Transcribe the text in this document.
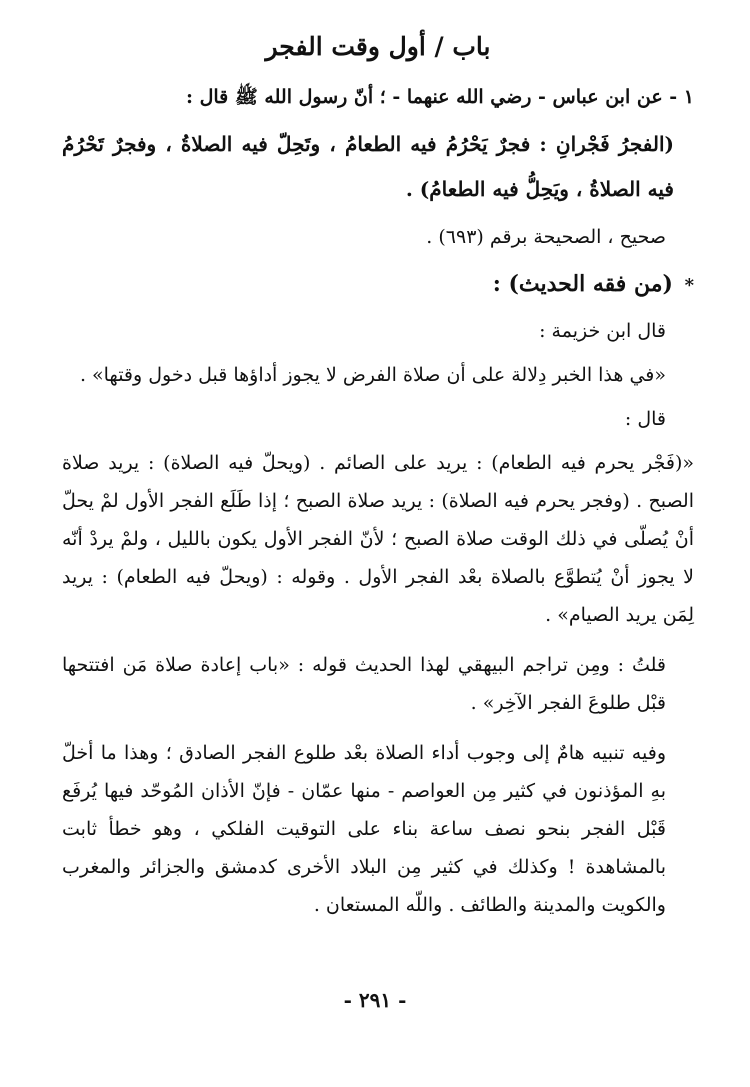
باب / أول وقت الفجر

١ - عن ابن عباس - رضي الله عنهما - ؛ أنّ رسول الله ﷺ قال :

(الفجرُ فَجْرانِ : فجرٌ يَحْرُمُ فيه الطعامُ ، وتَحِلّ فيه الصلاةُ ، وفجرٌ تَحْرُمُ فيه الصلاةُ ، ويَحِلُّ فيه الطعامُ) .

صحيح ، الصحيحة برقم (٦٩٣) .

* (من فقه الحديث) :

قال ابن خزيمة :

«في هذا الخبر دِلالة على أن صلاة الفرض لا يجوز أداؤها قبل دخول وقتها» .

قال :

«(فَجْر يحرم فيه الطعام) : يريد على الصائم . (ويحلّ فيه الصلاة) : يريد صلاة الصبح . (وفجر يحرم فيه الصلاة) : يريد صلاة الصبح ؛ إذا طَلَع الفجر الأول لمْ يحلّ أنْ يُصلّى في ذلك الوقت صلاة الصبح ؛ لأنّ الفجر الأول يكون بالليل ، ولمْ يردْ أنّه لا يجوز أنْ يُتطوَّع بالصلاة بعْد الفجر الأول . وقوله : (ويحلّ فيه الطعام) : يريد لِمَن يريد الصيام» .

قلتُ : ومِن تراجم البيهقي لهذا الحديث قوله : «باب إعادة صلاة مَن افتتحها قبْل طلوعَ الفجر الآخِر» .

وفيه تنبيه هامٌ إلى وجوب أداء الصلاة بعْد طلوع الفجر الصادق ؛ وهذا ما أخلّ بهِ المؤذنون في كثير مِن العواصم - منها عمّان - فإنّ الأذان المُوحّد فيها يُرفَع قَبْل الفجر بنحو نصف ساعة بناء على التوقيت الفلكي ، وهو خطأ ثابت بالمشاهدة ! وكذلك في كثير مِن البلاد الأخرى كدمشق والجزائر والمغرب والكويت والمدينة والطائف . واللّه المستعان .

- ٢٩١ -
